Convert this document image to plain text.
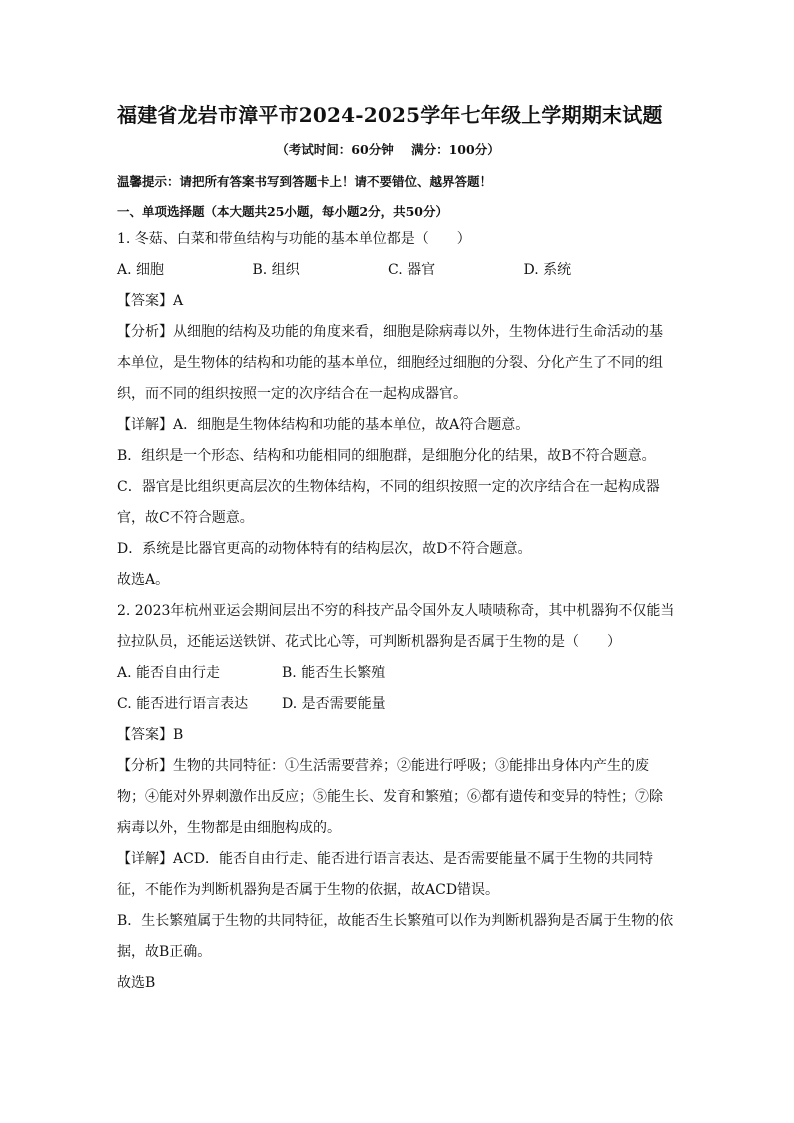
福建省龙岩市漳平市2024-2025学年七年级上学期期末试题
（考试时间：60分钟    满分：100分）
温馨提示：请把所有答案书写到答题卡上！请不要错位、越界答题！
一、单项选择题（本大题共25小题，每小题2分，共50分）
1. 冬菇、白菜和带鱼结构与功能的基本单位都是（　　）
A. 细胞	B. 组织	C. 器官	D. 系统
【答案】A
【分析】从细胞的结构及功能的角度来看，细胞是除病毒以外，生物体进行生命活动的基
本单位，是生物体的结构和功能的基本单位，细胞经过细胞的分裂、分化产生了不同的组
织，而不同的组织按照一定的次序结合在一起构成器官。
【详解】A．细胞是生物体结构和功能的基本单位，故A符合题意。
B．组织是一个形态、结构和功能相同的细胞群，是细胞分化的结果，故B不符合题意。
C．器官是比组织更高层次的生物体结构，不同的组织按照一定的次序结合在一起构成器
官，故C不符合题意。
D．系统是比器官更高的动物体特有的结构层次，故D不符合题意。
故选A。
2. 2023年杭州亚运会期间层出不穷的科技产品令国外友人啧啧称奇，其中机器狗不仅能当
拉拉队员，还能运送铁饼、花式比心等，可判断机器狗是否属于生物的是（　　）
A. 能否自由行走	B. 能否生长繁殖
C. 能否进行语言表达	D. 是否需要能量
【答案】B
【分析】生物的共同特征：①生活需要营养；②能进行呼吸；③能排出身体内产生的废
物；④能对外界刺激作出反应；⑤能生长、发育和繁殖；⑥都有遗传和变异的特性；⑦除
病毒以外，生物都是由细胞构成的。
【详解】ACD．能否自由行走、能否进行语言表达、是否需要能量不属于生物的共同特
征，不能作为判断机器狗是否属于生物的依据，故ACD错误。
B．生长繁殖属于生物的共同特征，故能否生长繁殖可以作为判断机器狗是否属于生物的依
据，故B正确。
故选B
